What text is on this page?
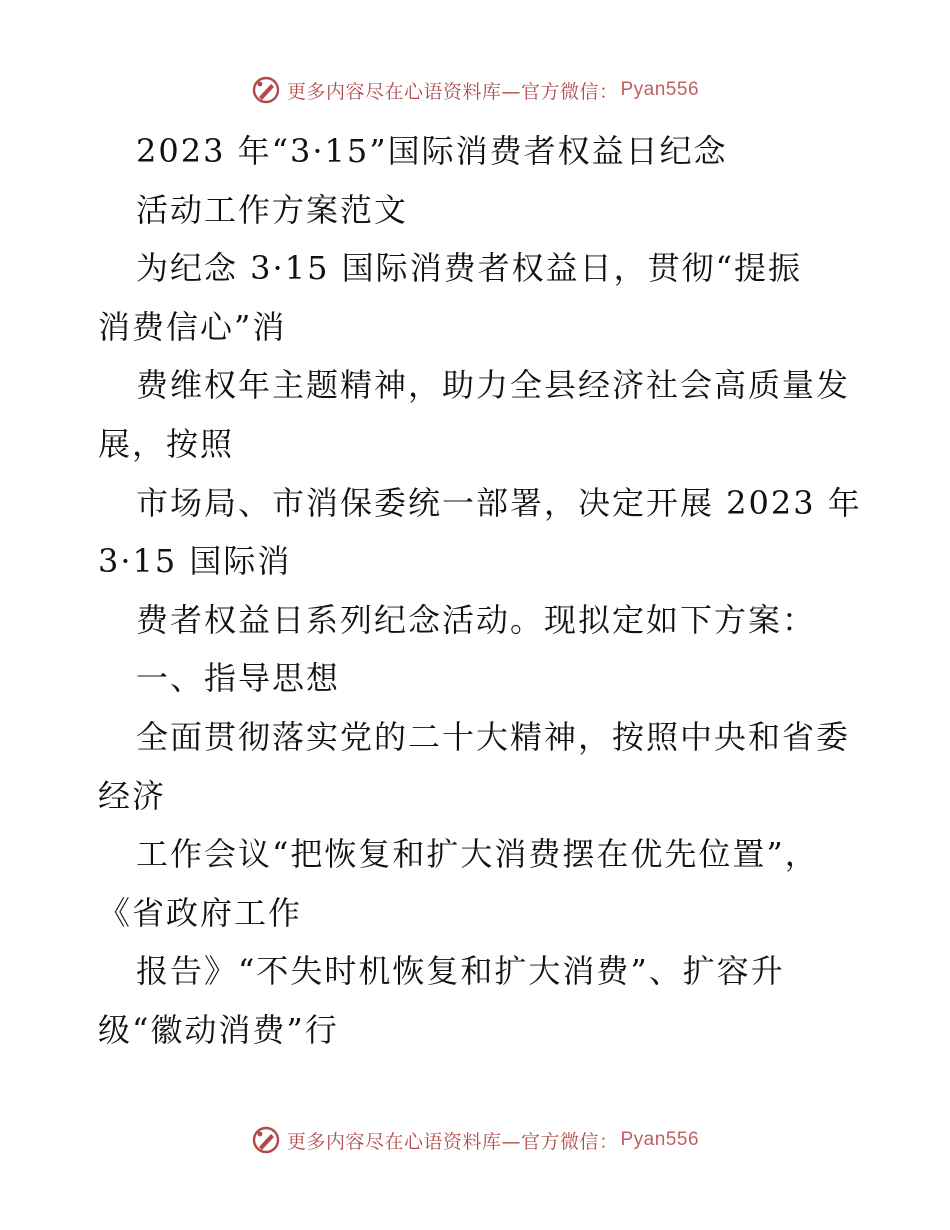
更多内容尽在心语资料库—官方微信： Pyan556
2023 年“3·15”国际消费者权益日纪念
活动工作方案范文
为纪念 3·15 国际消费者权益日，贯彻“提振
消费信心”消
费维权年主题精神，助力全县经济社会高质量发
展，按照
市场局、市消保委统一部署，决定开展 2023 年
3·15 国际消
费者权益日系列纪念活动。现拟定如下方案：
一、指导思想
全面贯彻落实党的二十大精神，按照中央和省委
经济
工作会议“把恢复和扩大消费摆在优先位置”，
《省政府工作
报告》“不失时机恢复和扩大消费”、扩容升
级“徽动消费”行
更多内容尽在心语资料库—官方微信： Pyan556
